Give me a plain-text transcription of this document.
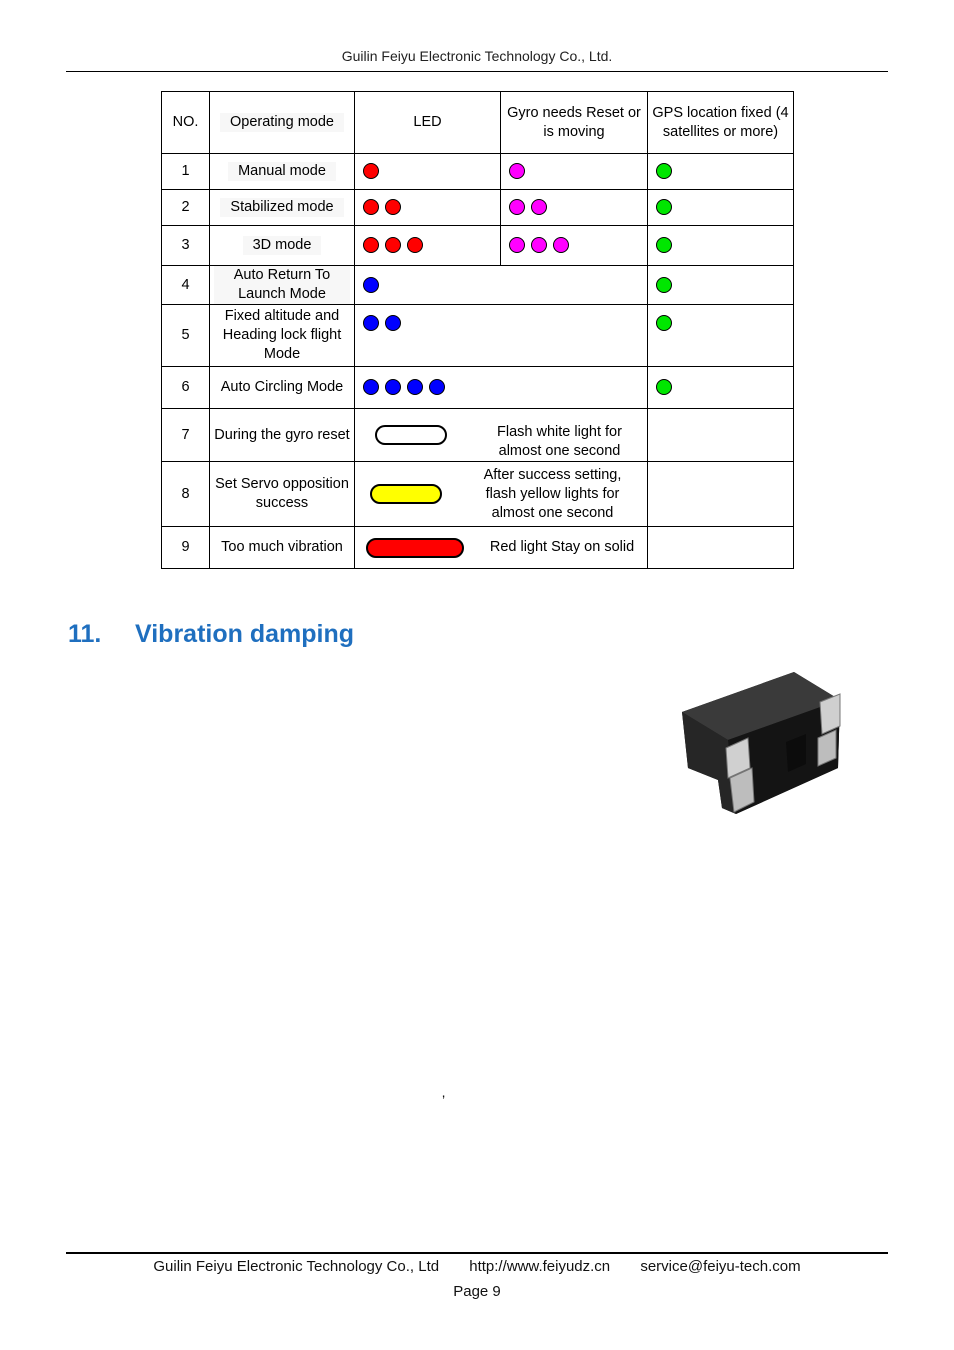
Guilin Feiyu Electronic Technology Co., Ltd.
NO.	Operating mode	LED	Gyro needs Reset or is moving	GPS location fixed (4 satellites or more)
1	Manual mode			
2	Stabilized mode			
3	3D mode			
4	Auto Return To Launch Mode			
5	Fixed altitude and Heading lock flight Mode			
6	Auto Circling Mode			
7	During the gyro reset	Flash white light for almost one second		
8	Set Servo opposition success	After success setting, flash yellow lights for almost one second		
9	Too much vibration	Red light Stay on solid		
11. Vibration damping
’
Guilin Feiyu Electronic Technology Co., Ltd http://www.feiyudz.cn service@feiyu-tech.com
Page 9
